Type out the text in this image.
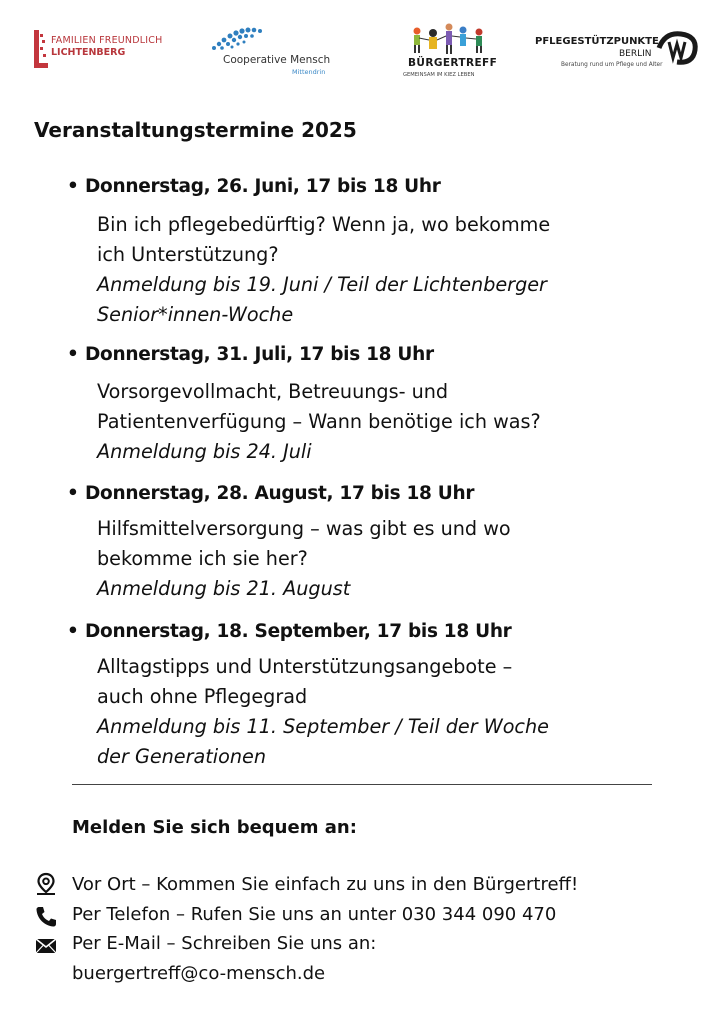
FAMILIEN FREUNDLICH
LICHTENBERG
Cooperative Mensch
Mittendrin
BÜRGERTREFF
GEMEINSAM IM KIEZ LEBEN
PFLEGESTÜTZPUNKTE
BERLIN
Beratung rund um Pflege und Alter
Veranstaltungstermine 2025

• Donnerstag, 26. Juni, 17 bis 18 Uhr

Bin ich pflegebedürftig? Wenn ja, wo bekomme
ich Unterstützung?
Anmeldung bis 19. Juni / Teil der Lichtenberger
Senior*innen-Woche

• Donnerstag, 31. Juli, 17 bis 18 Uhr

Vorsorgevollmacht, Betreuungs- und
Patientenverfügung – Wann benötige ich was?
Anmeldung bis 24. Juli

• Donnerstag, 28. August, 17 bis 18 Uhr

Hilfsmittelversorgung – was gibt es und wo
bekomme ich sie her?
Anmeldung bis 21. August

• Donnerstag, 18. September, 17 bis 18 Uhr

Alltagstipps und Unterstützungsangebote –
auch ohne Pflegegrad
Anmeldung bis 11. September / Teil der Woche
der Generationen

Melden Sie sich bequem an:

Vor Ort – Kommen Sie einfach zu uns in den Bürgertreff!

Per Telefon – Rufen Sie uns an unter 030 344 090 470

Per E-Mail – Schreiben Sie uns an:

buergertreff@co-mensch.de
